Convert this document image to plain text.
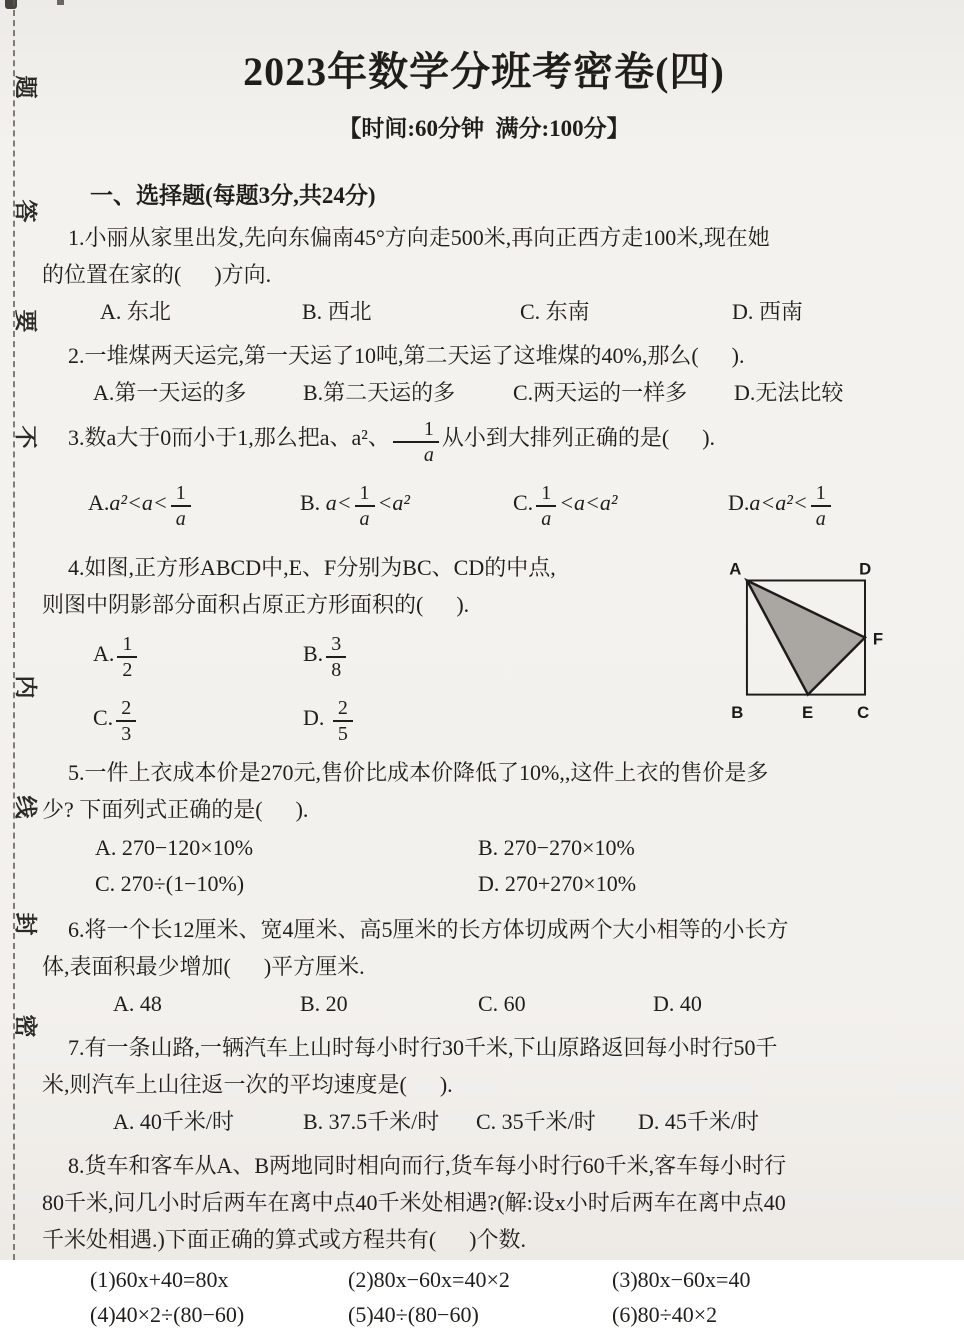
题
答
要
不
内
线
封
密
2023年数学分班考密卷(四)
【时间:60分钟  满分:100分】
一、选择题(每题3分,共24分)

1.小丽从家里出发,先向东偏南45°方向走500米,再向正西方走100米,现在她
的位置在家的(      )方向.

A. 东北	B. 西北	C. 东南	D. 西南

2.一堆煤两天运完,第一天运了10吨,第二天运了这堆煤的40%,那么(      ).

A.第一天运的多	B.第二天运的多	C.两天运的一样多	D.无法比较

3.数a大于0而小于1,那么把a、a²、 $\frac{1}{a}$ 从小到大排列正确的是(      ).

$A.a^2<a< \frac{1}{a}$	B. $a< \frac{1}{a} <a^2$	C. $\frac{1}{a} <a<a^2$	$D.a<a^2< \frac{1}{a}$

4.如图,正方形ABCD中,E、F分别为BC、CD的中点,
则图中阴影部分面积占原正方形面积的(      ).

A. $\frac{1}{2}$	B. $\frac{3}{8}$
C. $\frac{2}{3}$	D. $\frac{2}{5}$
A	D
F
B	E	C

5.一件上衣成本价是270元,售价比成本价降低了10%,,这件上衣的售价是多
少? 下面列式正确的是(      ).

A. 270−120×10%	B. 270−270×10%
C. 270÷(1−10%)	D. 270+270×10%

6.将一个长12厘米、宽4厘米、高5厘米的长方体切成两个大小相等的小长方
体,表面积最少增加(      )平方厘米.

A. 48	B. 20	C. 60	D. 40

7.有一条山路,一辆汽车上山时每小时行30千米,下山原路返回每小时行50千
米,则汽车上山往返一次的平均速度是(      ).

A. 40千米/时	B. 37.5千米/时	C. 35千米/时	D. 45千米/时

8.货车和客车从A、B两地同时相向而行,货车每小时行60千米,客车每小时行
80千米,问几小时后两车在离中点40千米处相遇?(解:设x小时后两车在离中点40
千米处相遇.)下面正确的算式或方程共有(      )个数.

(1)60x+40=80x	(2)80x−60x=40×2	(3)80x−60x=40
(4)40×2÷(80−60)	(5)40÷(80−60)	(6)80÷40×2
